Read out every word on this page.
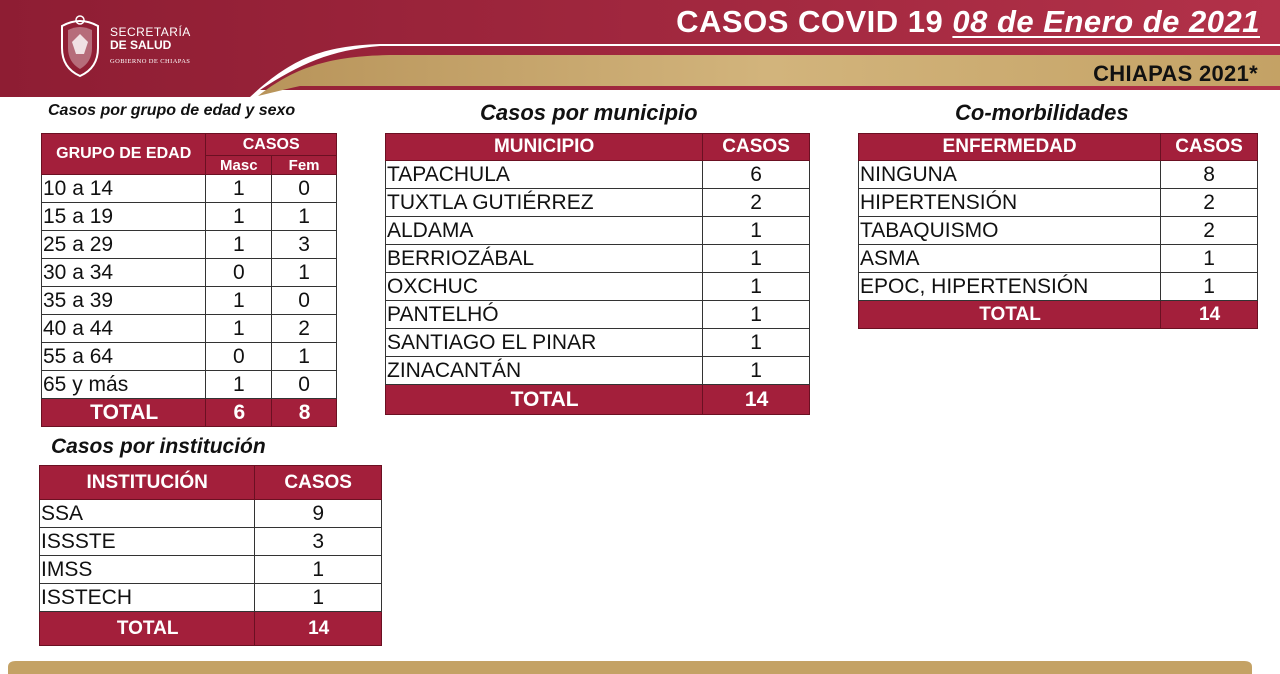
SECRETARÍA
DE SALUD
GOBIERNO DE CHIAPAS
CASOS COVID 19 08 de Enero de 2021
CHIAPAS 2021*
Casos por grupo de edad y sexo
GRUPO DE EDAD	CASOS	
	Masc	Fem
10 a 14	1	0
15 a 19	1	1
25 a 29	1	3
30 a 34	0	1
35 a 39	1	0
40 a 44	1	2
55 a 64	0	1
65 y más	1	0
TOTAL	6	8
Casos por institución
INSTITUCIÓN	CASOS
SSA	9
ISSSTE	3
IMSS	1
ISSTECH	1
TOTAL	14
Casos por municipio
MUNICIPIO	CASOS
TAPACHULA	6
TUXTLA GUTIÉRREZ	2
ALDAMA	1
BERRIOZÁBAL	1
OXCHUC	1
PANTELHÓ	1
SANTIAGO EL PINAR	1
ZINACANTÁN	1
TOTAL	14
Co-morbilidades
ENFERMEDAD	CASOS
NINGUNA	8
HIPERTENSIÓN	2
TABAQUISMO	2
ASMA	1
EPOC, HIPERTENSIÓN	1
TOTAL	14
